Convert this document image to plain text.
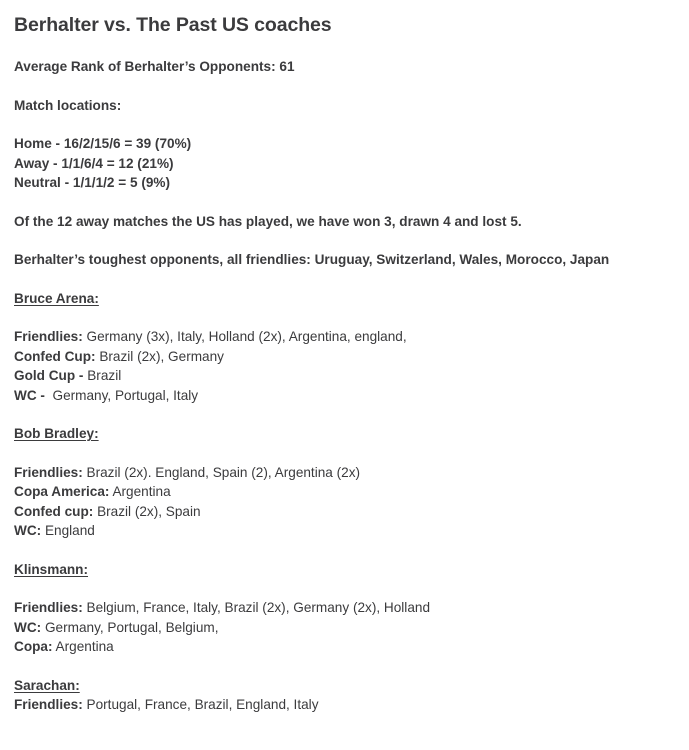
Berhalter vs. The Past US coaches
Average Rank of Berhalter’s Opponents: 61
Match locations:
Home - 16/2/15/6 = 39 (70%)
Away - 1/1/6/4 = 12 (21%)
Neutral - 1/1/1/2 = 5 (9%)
Of the 12 away matches the US has played, we have won 3, drawn 4 and lost 5.
Berhalter’s toughest opponents, all friendlies: Uruguay, Switzerland, Wales, Morocco, Japan
Bruce Arena:
Friendlies: Germany (3x), Italy, Holland (2x), Argentina, england,
Confed Cup: Brazil (2x), Germany
Gold Cup - Brazil
WC -  Germany, Portugal, Italy
Bob Bradley:
Friendlies: Brazil (2x). England, Spain (2), Argentina (2x)
Copa America: Argentina
Confed cup: Brazil (2x), Spain
WC: England
Klinsmann:
Friendlies: Belgium, France, Italy, Brazil (2x), Germany (2x), Holland
WC: Germany, Portugal, Belgium,
Copa: Argentina
Sarachan:
Friendlies: Portugal, France, Brazil, England, Italy
